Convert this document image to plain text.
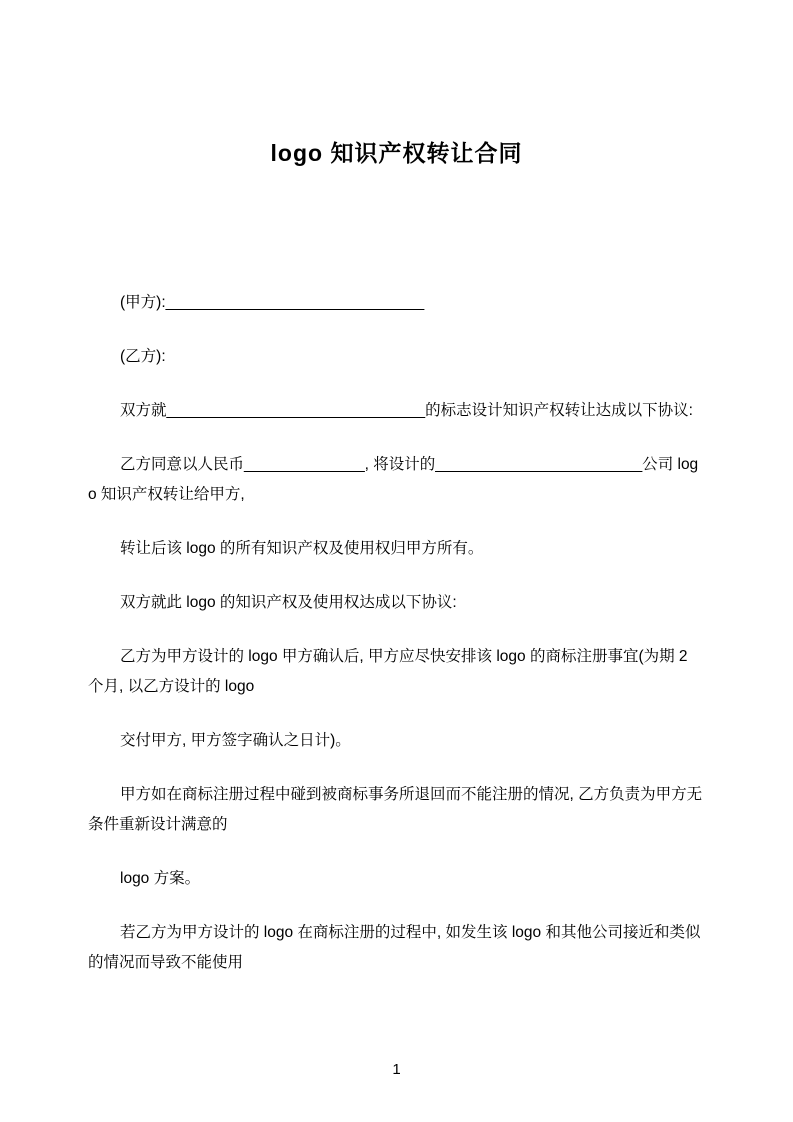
logo 知识产权转让合同

(甲方):______________________________

(乙方):

双方就______________________________的标志设计知识产权转让达成以下协议:

乙方同意以人民币______________, 将设计的________________________公司 logo 知识产权转让给甲方,

转让后该 logo 的所有知识产权及使用权归甲方所有。

双方就此 logo 的知识产权及使用权达成以下协议:

乙方为甲方设计的 logo 甲方确认后, 甲方应尽快安排该 logo 的商标注册事宜(为期 2 个月, 以乙方设计的 logo

交付甲方, 甲方签字确认之日计)。

甲方如在商标注册过程中碰到被商标事务所退回而不能注册的情况, 乙方负责为甲方无条件重新设计满意的

logo 方案。

若乙方为甲方设计的 logo 在商标注册的过程中, 如发生该 logo 和其他公司接近和类似的情况而导致不能使用

1
